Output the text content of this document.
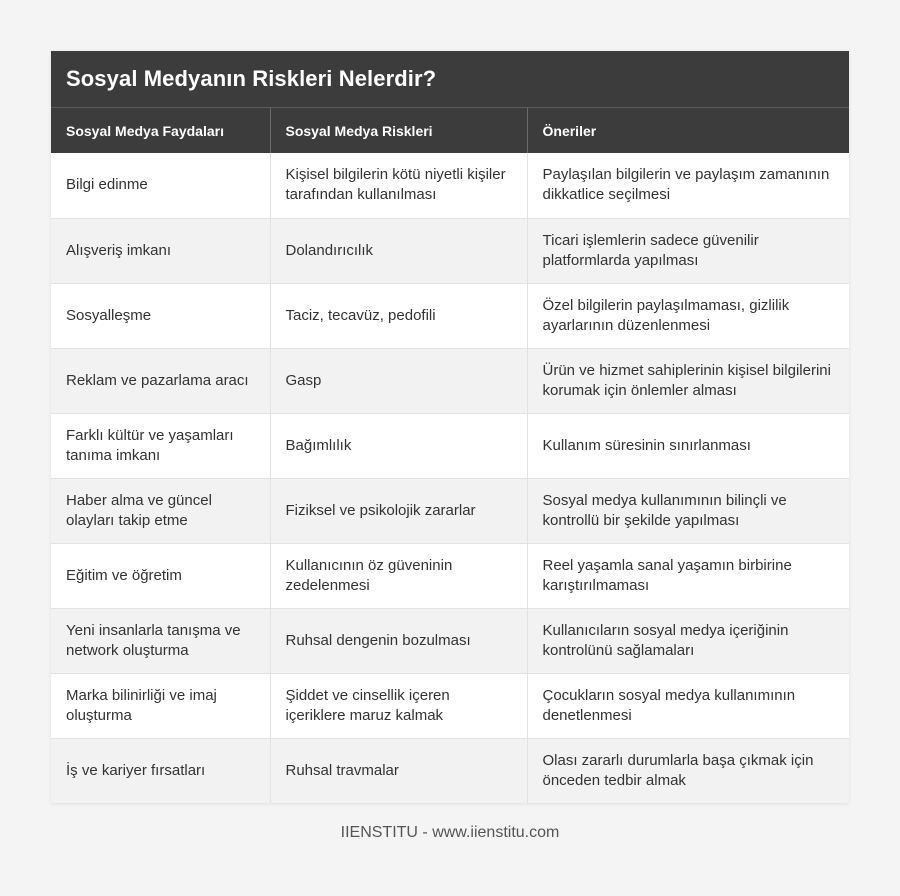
Sosyal Medyanın Riskleri Nelerdir?
Sosyal Medya Faydaları	Sosyal Medya Riskleri	Öneriler
Bilgi edinme	Kişisel bilgilerin kötü niyetli kişiler tarafından kullanılması	Paylaşılan bilgilerin ve paylaşım zamanının dikkatlice seçilmesi
Alışveriş imkanı	Dolandırıcılık	Ticari işlemlerin sadece güvenilir platformlarda yapılması
Sosyalleşme	Taciz, tecavüz, pedofili	Özel bilgilerin paylaşılmaması, gizlilik ayarlarının düzenlenmesi
Reklam ve pazarlama aracı	Gasp	Ürün ve hizmet sahiplerinin kişisel bilgilerini korumak için önlemler alması
Farklı kültür ve yaşamları tanıma imkanı	Bağımlılık	Kullanım süresinin sınırlanması
Haber alma ve güncel olayları takip etme	Fiziksel ve psikolojik zararlar	Sosyal medya kullanımının bilinçli ve kontrollü bir şekilde yapılması
Eğitim ve öğretim	Kullanıcının öz güveninin zedelenmesi	Reel yaşamla sanal yaşamın birbirine karıştırılmaması
Yeni insanlarla tanışma ve network oluşturma	Ruhsal dengenin bozulması	Kullanıcıların sosyal medya içeriğinin kontrolünü sağlamaları
Marka bilinirliği ve imaj oluşturma	Şiddet ve cinsellik içeren içeriklere maruz kalmak	Çocukların sosyal medya kullanımının denetlenmesi
İş ve kariyer fırsatları	Ruhsal travmalar	Olası zararlı durumlarla başa çıkmak için önceden tedbir almak
IIENSTITU - www.iienstitu.com
